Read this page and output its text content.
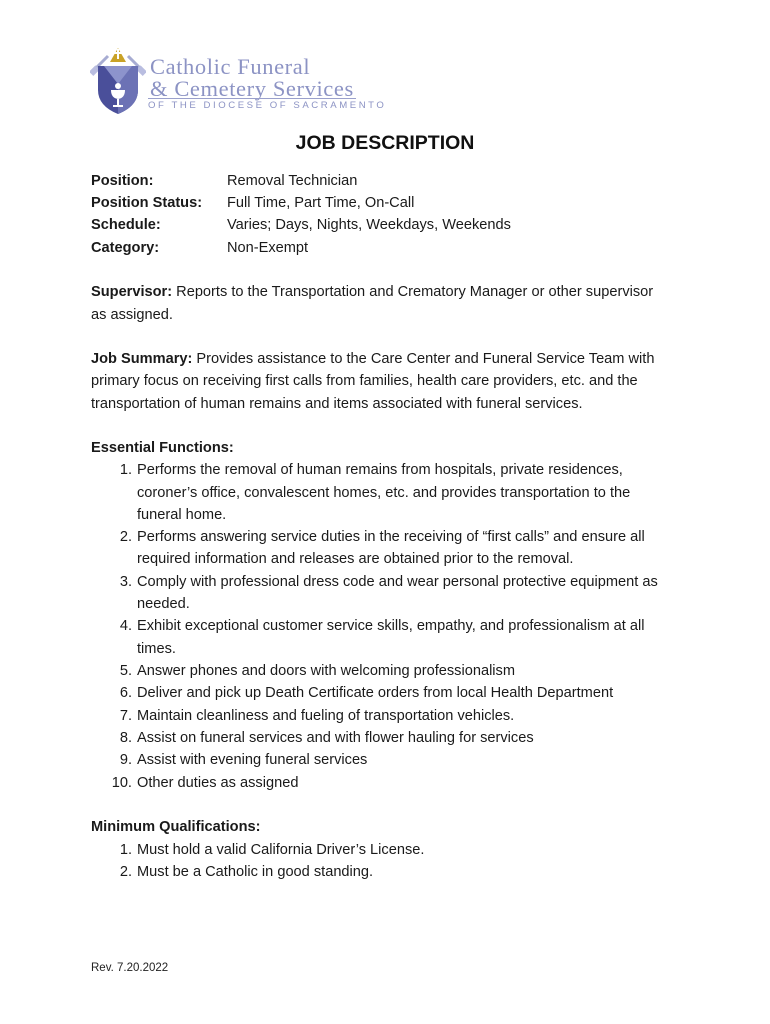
Catholic Funeral
& Cemetery Services
OF THE DIOCESE OF SACRAMENTO
JOB DESCRIPTION
Position:	Removal Technician
Position Status: Full Time, Part Time, On-Call
Schedule:	Varies; Days, Nights, Weekdays, Weekends
Category:	Non-Exempt
Supervisor: Reports to the Transportation and Crematory Manager or other supervisor
as assigned.
Job Summary: Provides assistance to the Care Center and Funeral Service Team with
primary focus on receiving first calls from families, health care providers, etc. and the
transportation of human remains and items associated with funeral services.
Essential Functions:
1. Performs the removal of human remains from hospitals, private residences,
coroner’s office, convalescent homes, etc. and provides transportation to the
funeral home.
2. Performs answering service duties in the receiving of “first calls” and ensure all
required information and releases are obtained prior to the removal.
3. Comply with professional dress code and wear personal protective equipment as
needed.
4. Exhibit exceptional customer service skills, empathy, and professionalism at all
times.
5. Answer phones and doors with welcoming professionalism
6. Deliver and pick up Death Certificate orders from local Health Department
7. Maintain cleanliness and fueling of transportation vehicles.
8. Assist on funeral services and with flower hauling for services
9. Assist with evening funeral services
10. Other duties as assigned
Minimum Qualifications:
1. Must hold a valid California Driver’s License.
2. Must be a Catholic in good standing.
Rev. 7.20.2022
